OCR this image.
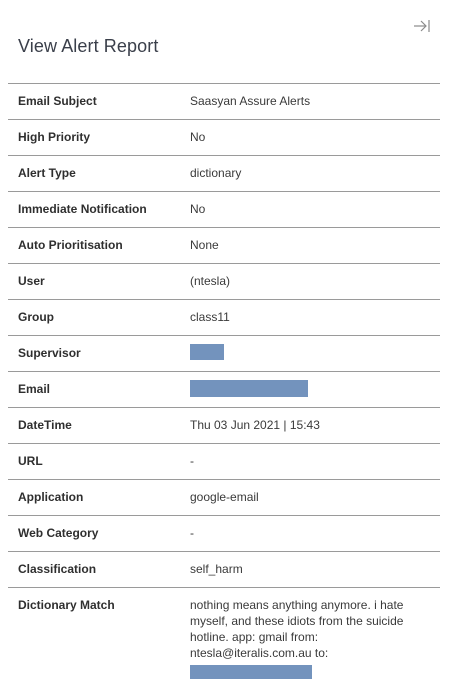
View Alert Report
Email Subject	Saasyan Assure Alerts
High Priority	No
Alert Type	dictionary
Immediate Notification	No
Auto Prioritisation	None
User	(ntesla)
Group	class11
Supervisor
Email
DateTime	Thu 03 Jun 2021 | 15:43
URL	-
Application	google-email
Web Category	-
Classification	self_harm
Dictionary Match	nothing means anything anymore. i hate myself, and these idiots from the suicide hotline. app: gmail from: ntesla@iteralis.com.au to:
